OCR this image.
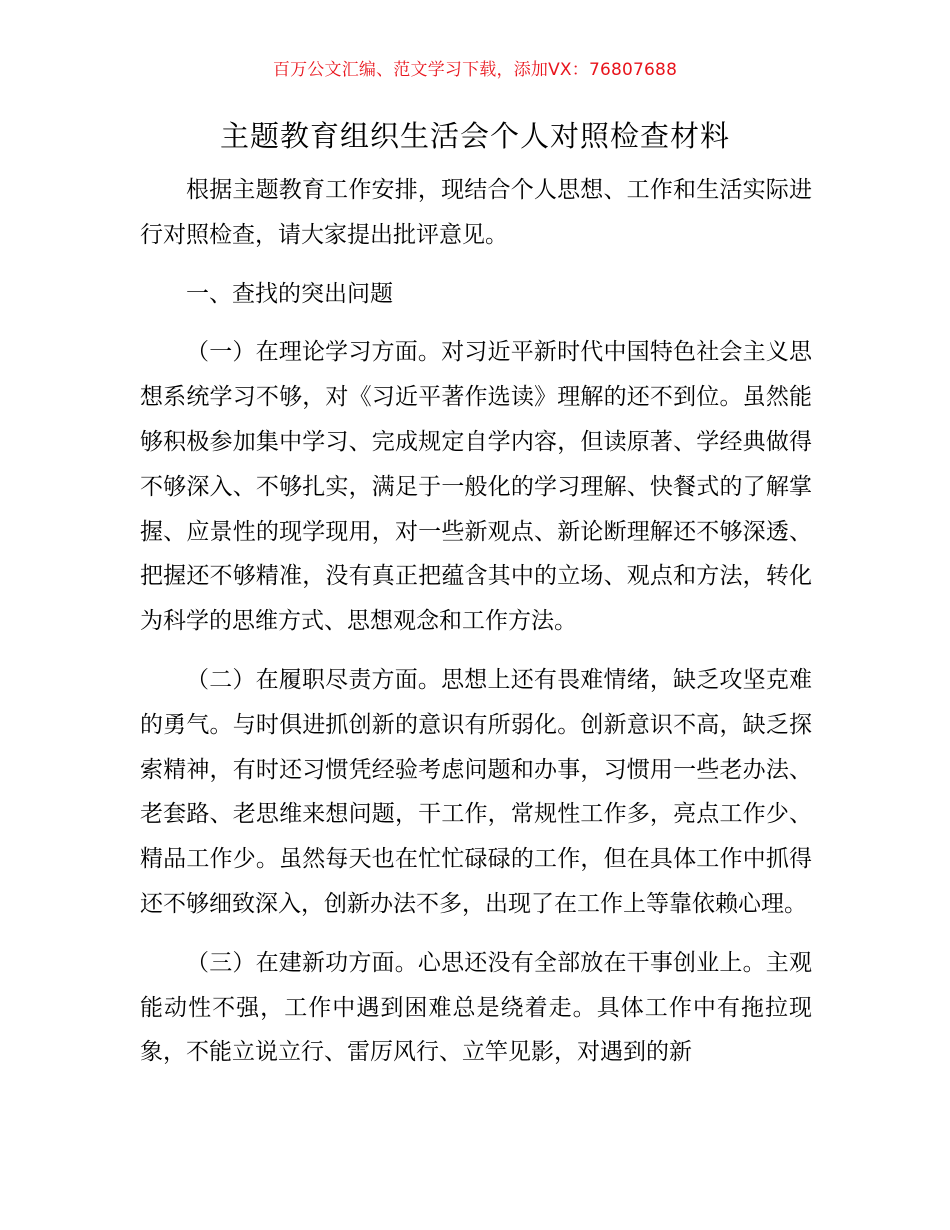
百万公文汇编、范文学习下载，添加VX：76807688
主题教育组织生活会个人对照检查材料

根据主题教育工作安排，现结合个人思想、工作和生活实际进行对照检查，请大家提出批评意见。

一、查找的突出问题

（一）在理论学习方面。对习近平新时代中国特色社会主义思想系统学习不够，对《习近平著作选读》理解的还不到位。虽然能够积极参加集中学习、完成规定自学内容，但读原著、学经典做得不够深入、不够扎实，满足于一般化的学习理解、快餐式的了解掌握、应景性的现学现用，对一些新观点、新论断理解还不够深透、把握还不够精准，没有真正把蕴含其中的立场、观点和方法，转化为科学的思维方式、思想观念和工作方法。

（二）在履职尽责方面。思想上还有畏难情绪，缺乏攻坚克难的勇气。与时俱进抓创新的意识有所弱化。创新意识不高，缺乏探索精神，有时还习惯凭经验考虑问题和办事，习惯用一些老办法、老套路、老思维来想问题，干工作，常规性工作多，亮点工作少、精品工作少。虽然每天也在忙忙碌碌的工作，但在具体工作中抓得还不够细致深入，创新办法不多，出现了在工作上等靠依赖心理。

（三）在建新功方面。心思还没有全部放在干事创业上。主观能动性不强，工作中遇到困难总是绕着走。具体工作中有拖拉现象，不能立说立行、雷厉风行、立竿见影，对遇到的新
